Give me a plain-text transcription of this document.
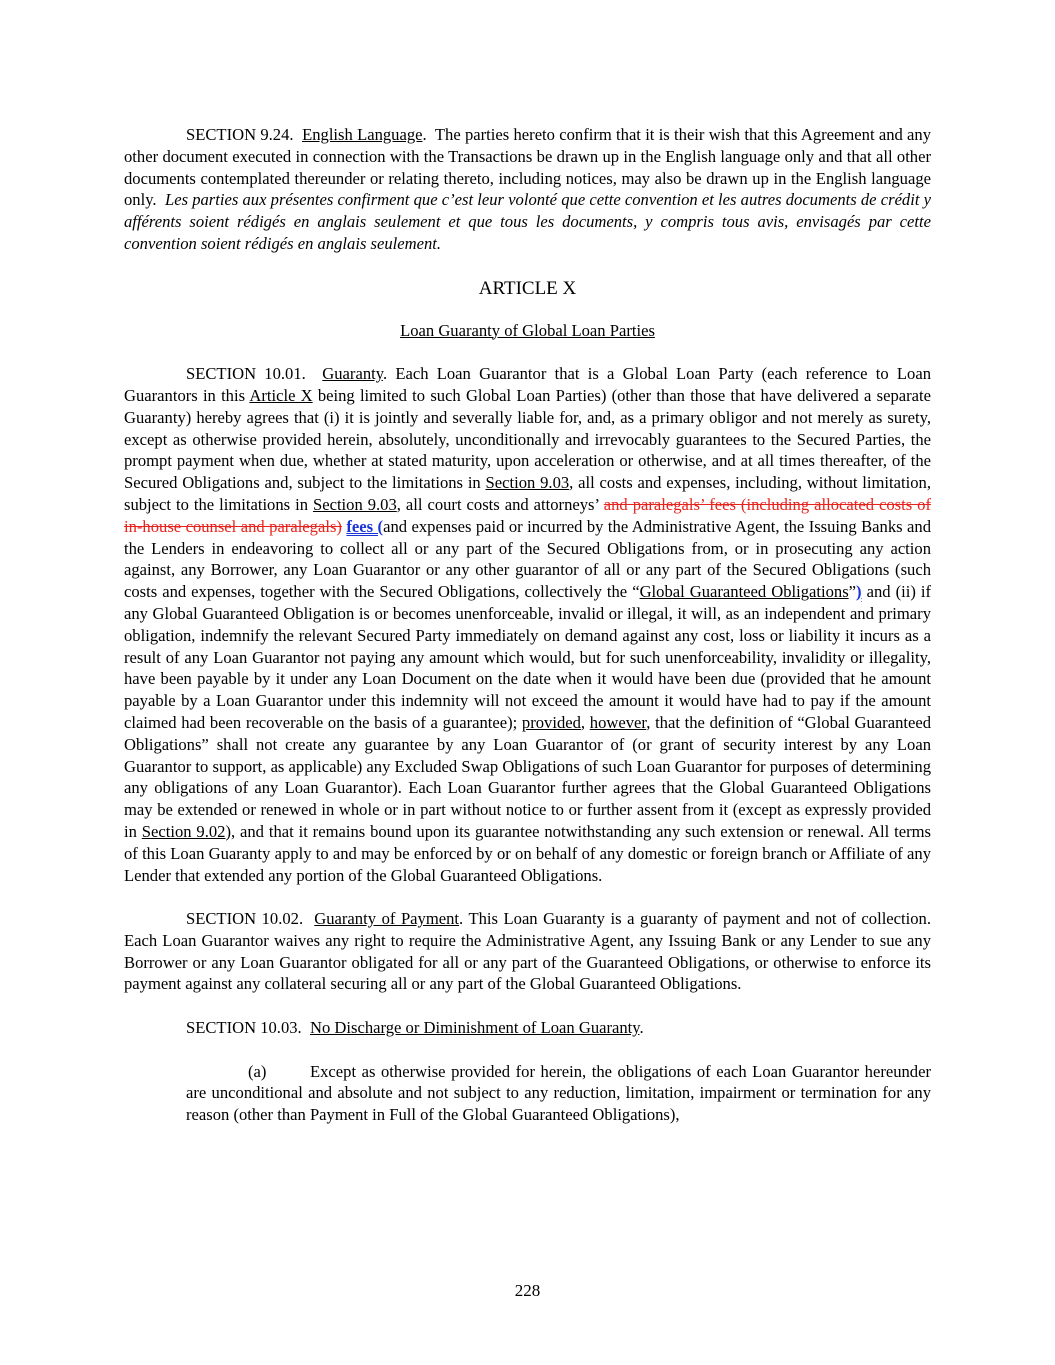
SECTION 9.24. English Language. The parties hereto confirm that it is their wish that this Agreement and any other document executed in connection with the Transactions be drawn up in the English language only and that all other documents contemplated thereunder or relating thereto, including notices, may also be drawn up in the English language only. Les parties aux présentes confirment que c’est leur volonté que cette convention et les autres documents de crédit y afférents soient rédigés en anglais seulement et que tous les documents, y compris tous avis, envisagés par cette convention soient rédigés en anglais seulement.

ARTICLE X

Loan Guaranty of Global Loan Parties

SECTION 10.01. Guaranty. Each Loan Guarantor that is a Global Loan Party (each reference to Loan Guarantors in this Article X being limited to such Global Loan Parties) (other than those that have delivered a separate Guaranty) hereby agrees that (i) it is jointly and severally liable for, and, as a primary obligor and not merely as surety, except as otherwise provided herein, absolutely, unconditionally and irrevocably guarantees to the Secured Parties, the prompt payment when due, whether at stated maturity, upon acceleration or otherwise, and at all times thereafter, of the Secured Obligations and, subject to the limitations in Section 9.03, all costs and expenses, including, without limitation, subject to the limitations in Section 9.03, all court costs and attorneys’ and paralegals’ fees (including allocated costs of in-house counsel and paralegals) fees (and expenses paid or incurred by the Administrative Agent, the Issuing Banks and the Lenders in endeavoring to collect all or any part of the Secured Obligations from, or in prosecuting any action against, any Borrower, any Loan Guarantor or any other guarantor of all or any part of the Secured Obligations (such costs and expenses, together with the Secured Obligations, collectively the “Global Guaranteed Obligations”) and (ii) if any Global Guaranteed Obligation is or becomes unenforceable, invalid or illegal, it will, as an independent and primary obligation, indemnify the relevant Secured Party immediately on demand against any cost, loss or liability it incurs as a result of any Loan Guarantor not paying any amount which would, but for such unenforceability, invalidity or illegality, have been payable by it under any Loan Document on the date when it would have been due (provided that he amount payable by a Loan Guarantor under this indemnity will not exceed the amount it would have had to pay if the amount claimed had been recoverable on the basis of a guarantee); provided, however, that the definition of “Global Guaranteed Obligations” shall not create any guarantee by any Loan Guarantor of (or grant of security interest by any Loan Guarantor to support, as applicable) any Excluded Swap Obligations of such Loan Guarantor for purposes of determining any obligations of any Loan Guarantor). Each Loan Guarantor further agrees that the Global Guaranteed Obligations may be extended or renewed in whole or in part without notice to or further assent from it (except as expressly provided in Section 9.02), and that it remains bound upon its guarantee notwithstanding any such extension or renewal. All terms of this Loan Guaranty apply to and may be enforced by or on behalf of any domestic or foreign branch or Affiliate of any Lender that extended any portion of the Global Guaranteed Obligations.

SECTION 10.02. Guaranty of Payment. This Loan Guaranty is a guaranty of payment and not of collection. Each Loan Guarantor waives any right to require the Administrative Agent, any Issuing Bank or any Lender to sue any Borrower or any Loan Guarantor obligated for all or any part of the Guaranteed Obligations, or otherwise to enforce its payment against any collateral securing all or any part of the Global Guaranteed Obligations.

SECTION 10.03. No Discharge or Diminishment of Loan Guaranty.

(a)	Except as otherwise provided for herein, the obligations of each Loan Guarantor hereunder are unconditional and absolute and not subject to any reduction, limitation, impairment or termination for any reason (other than Payment in Full of the Global Guaranteed Obligations),

228
